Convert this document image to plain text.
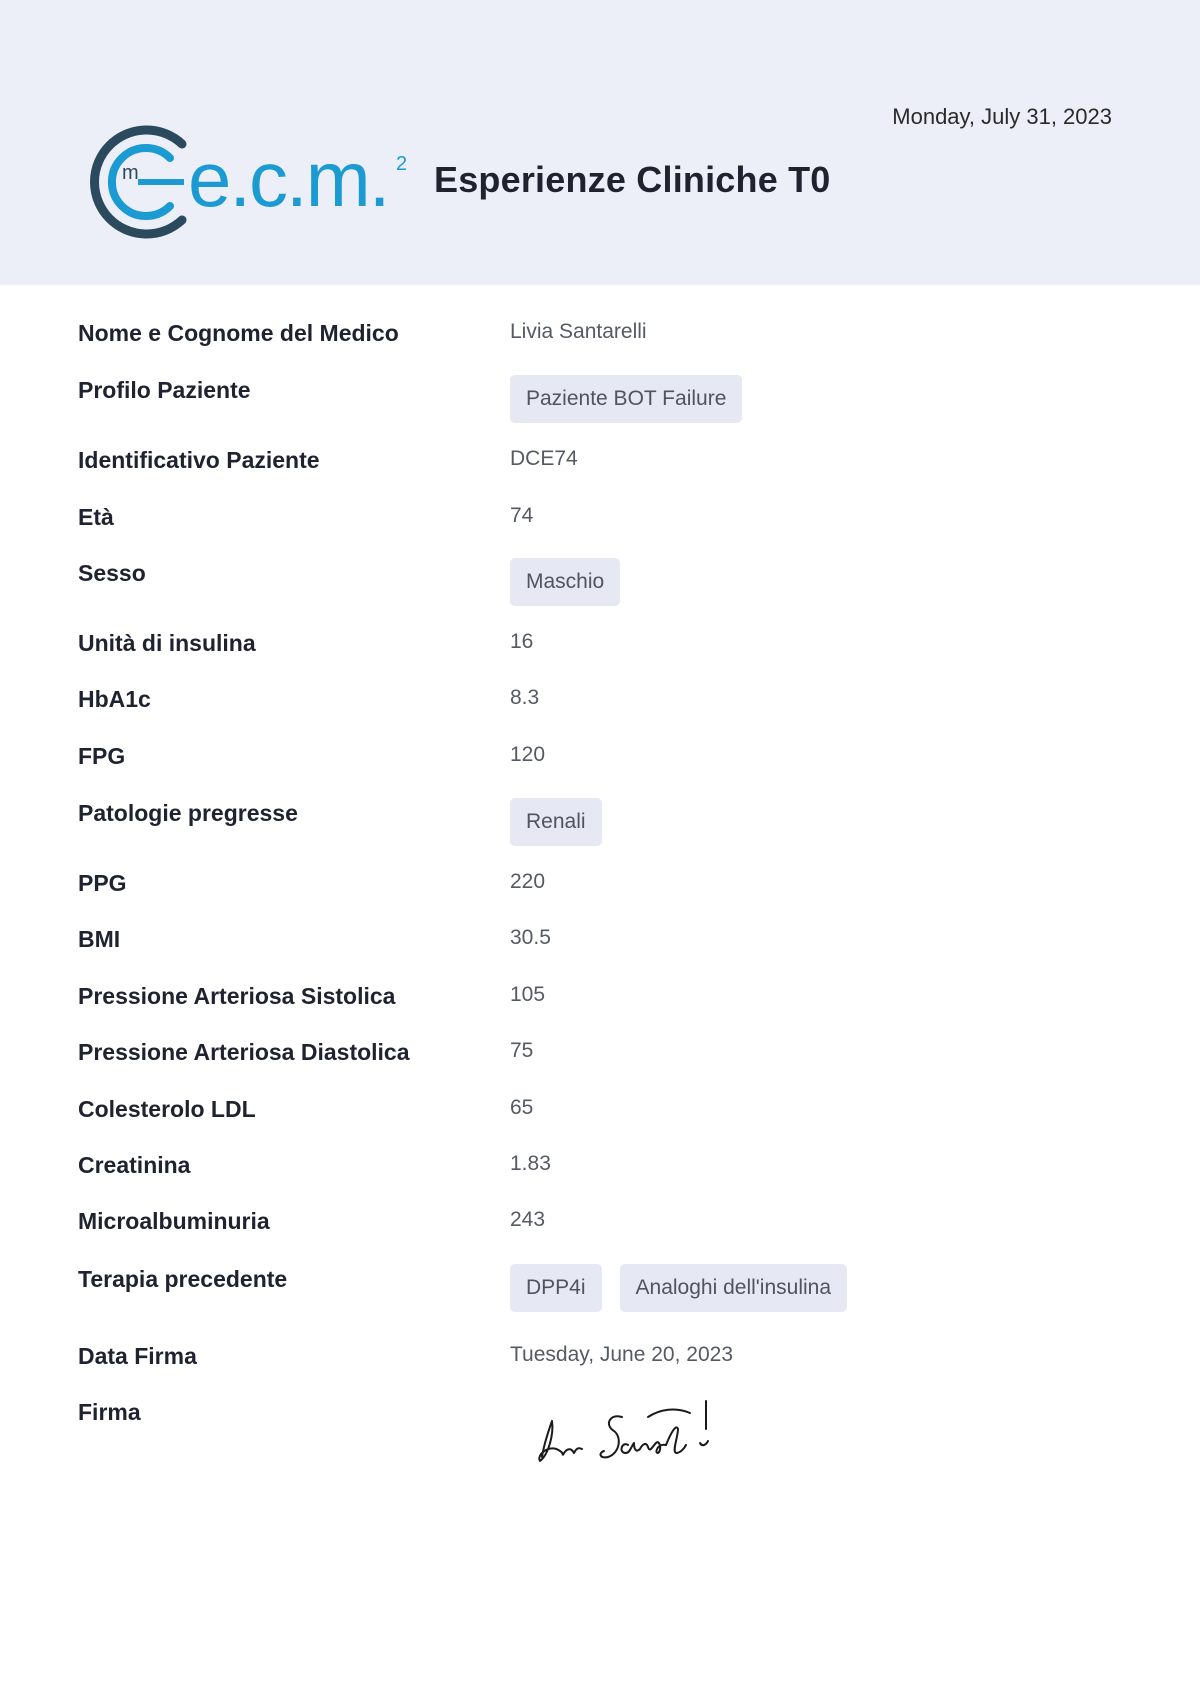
Monday, July 31, 2023
m e.c.m. 2 Esperienze Cliniche T0
Nome e Cognome del Medico	Livia Santarelli
Profilo Paziente	Paziente BOT Failure
Identificativo Paziente	DCE74
Età	74
Sesso	Maschio
Unità di insulina	16
HbA1c	8.3
FPG	120
Patologie pregresse	Renali
PPG	220
BMI	30.5
Pressione Arteriosa Sistolica	105
Pressione Arteriosa Diastolica	75
Colesterolo LDL	65
Creatinina	1.83
Microalbuminuria	243
Terapia precedente	DPP4i	Analoghi dell'insulina
Data Firma	Tuesday, June 20, 2023
Firma
